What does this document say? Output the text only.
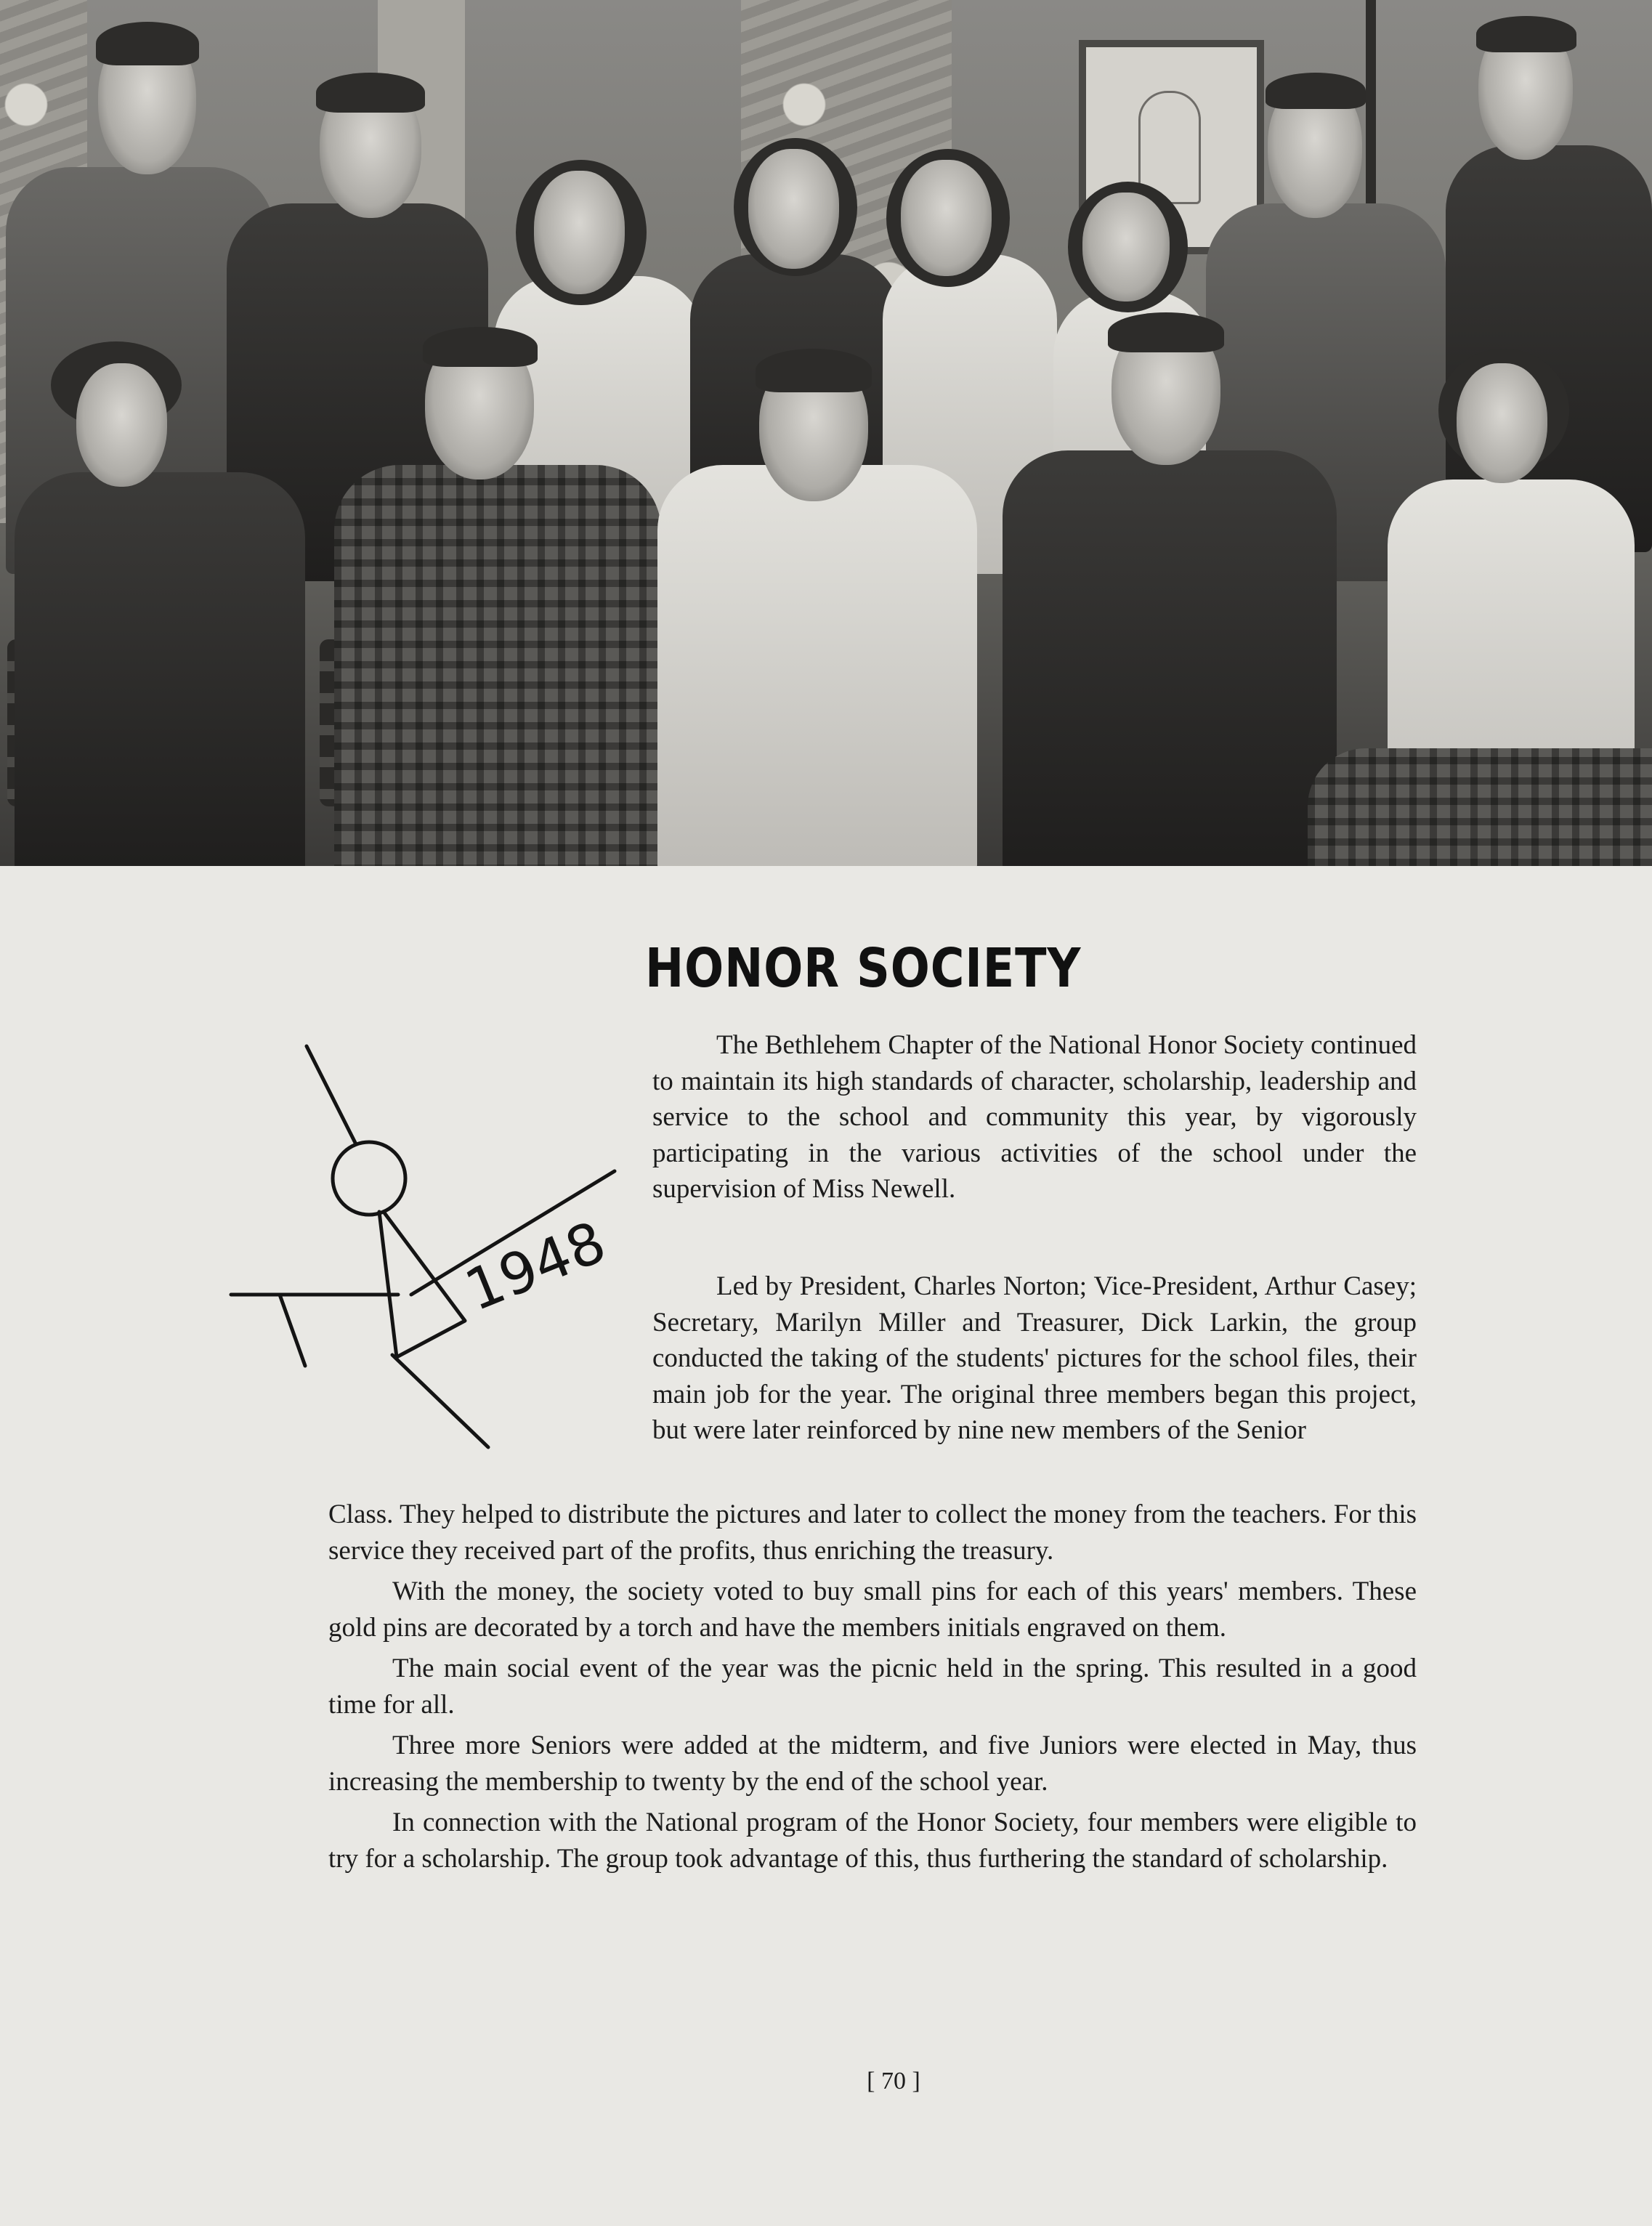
HONOR SOCIETY
1948

The Bethlehem Chapter of the National Honor Society continued to maintain its high standards of character, scholarship, leadership and service to the school and community this year, by vigorously participating in the various activities of the school under the supervision of Miss Newell.

Led by President, Charles Norton; Vice-President, Arthur Casey; Secretary, Marilyn Miller and Treasurer, Dick Larkin, the group conducted the taking of the students' pictures for the school files, their main job for the year. The original three members began this project, but were later reinforced by nine new members of the Senior

Class. They helped to distribute the pictures and later to collect the money from the teachers. For this service they received part of the profits, thus enriching the treasury.

With the money, the society voted to buy small pins for each of this years' members. These gold pins are decorated by a torch and have the members initials engraved on them.

The main social event of the year was the picnic held in the spring. This resulted in a good time for all.

Three more Seniors were added at the midterm, and five Juniors were elected in May, thus increasing the membership to twenty by the end of the school year.

In connection with the National program of the Honor Society, four members were eligible to try for a scholarship. The group took advantage of this, thus furthering the standard of scholarship.

[ 70 ]
